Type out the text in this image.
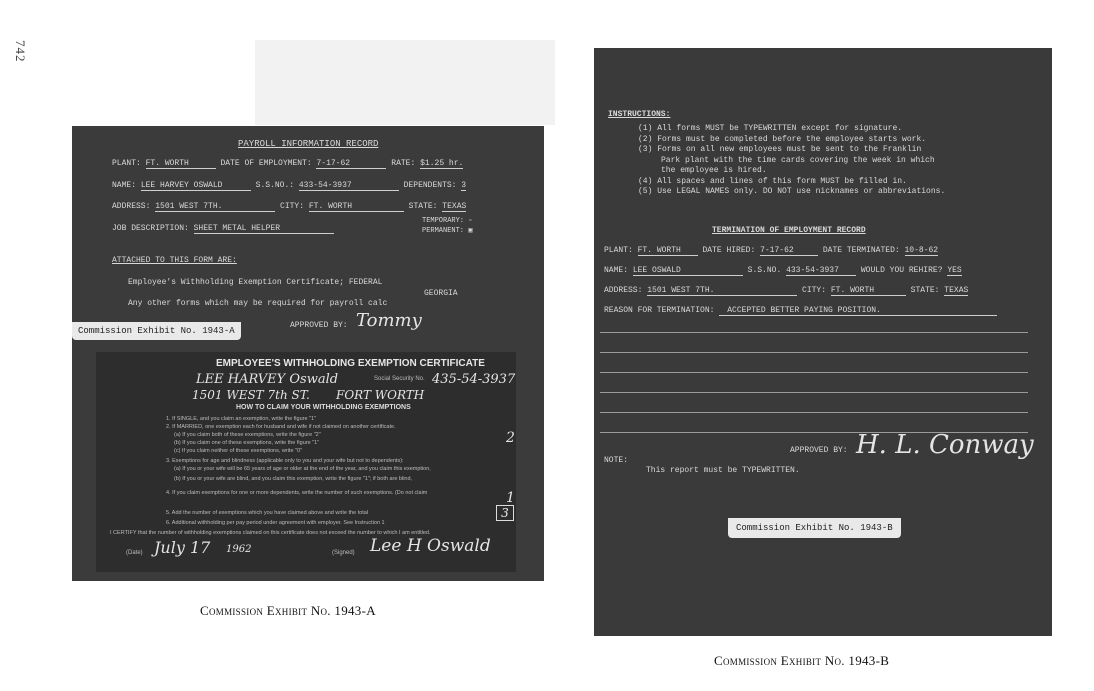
742
PAYROLL INFORMATION RECORD
PLANT: FT. WORTH	DATE OF EMPLOYMENT: 7-17-62	RATE: $1.25 hr.
NAME: LEE HARVEY OSWALD	S.S.NO.: 433-54-3937	DEPENDENTS: 3
ADDRESS: 1501 WEST 7TH.	CITY: FT. WORTH	STATE: TEXAS
JOB DESCRIPTION: SHEET METAL HELPER
TEMPORARY: ▫
PERMANENT: ▣
ATTACHED TO THIS FORM ARE:
Employee's Withholding Exemption Certificate; FEDERAL
GEORGIA
Any other forms which may be required for payroll calc
APPROVED BY: Tommy
EMPLOYEE'S WITHHOLDING EXEMPTION CERTIFICATE
LEE HARVEY Oswald	Social Security No. 435-54-3937
1501 WEST 7th ST. FORT WORTH
HOW TO CLAIM YOUR WITHHOLDING EXEMPTIONS
1. If SINGLE, and you claim an exemption, write the figure "1"
2. If MARRIED, one exemption each for husband and wife if not claimed on another certificate.
(a) If you claim both of these exemptions, write the figure "2"
(b) If you claim one of these exemptions, write the figure "1"
(c) If you claim neither of these exemptions, write "0"
3. Exemptions for age and blindness (applicable only to you and your wife but not to dependents):
(a) If you or your wife will be 65 years of age or older at the end of the year, and you claim this exemption,
(b) If you or your wife are blind, and you claim this exemption, write the figure "1"; if both are blind,
4. If you claim exemptions for one or more dependents, write the number of such exemptions. (Do not claim
5. Add the number of exemptions which you have claimed above and write the total
6. Additional withholding per pay period under agreement with employer. See Instruction 1
I CERTIFY that the number of withholding exemptions claimed on this certificate does not exceed the number to which I am entitled.
2
1
3
(Date) July 17 1962	(Signed) Lee H Oswald
Commission Exhibit No. 1943-A
Commission Exhibit No. 1943-A
INSTRUCTIONS:
(1) All forms MUST be TYPEWRITTEN except for signature.
(2) Forms must be completed before the employee starts work.
(3) Forms on all new employees must be sent to the Franklin
Park plant with the time cards covering the week in which
the employee is hired.
(4) All spaces and lines of this form MUST be filled in.
(5) Use LEGAL NAMES only. DO NOT use nicknames or abbreviations.
TERMINATION OF EMPLOYMENT RECORD
PLANT: FT. WORTH	DATE HIRED: 7-17-62	DATE TERMINATED: 10-8-62
NAME: LEE OSWALD	S.S.NO. 433-54-3937	WOULD YOU REHIRE? YES
ADDRESS: 1501 WEST 7TH.	CITY: FT. WORTH	STATE: TEXAS
REASON FOR TERMINATION: ACCEPTED BETTER PAYING POSITION.
APPROVED BY: H. L. Conway
NOTE:
This report must be TYPEWRITTEN.
Commission Exhibit No. 1943-B
Commission Exhibit No. 1943-B
